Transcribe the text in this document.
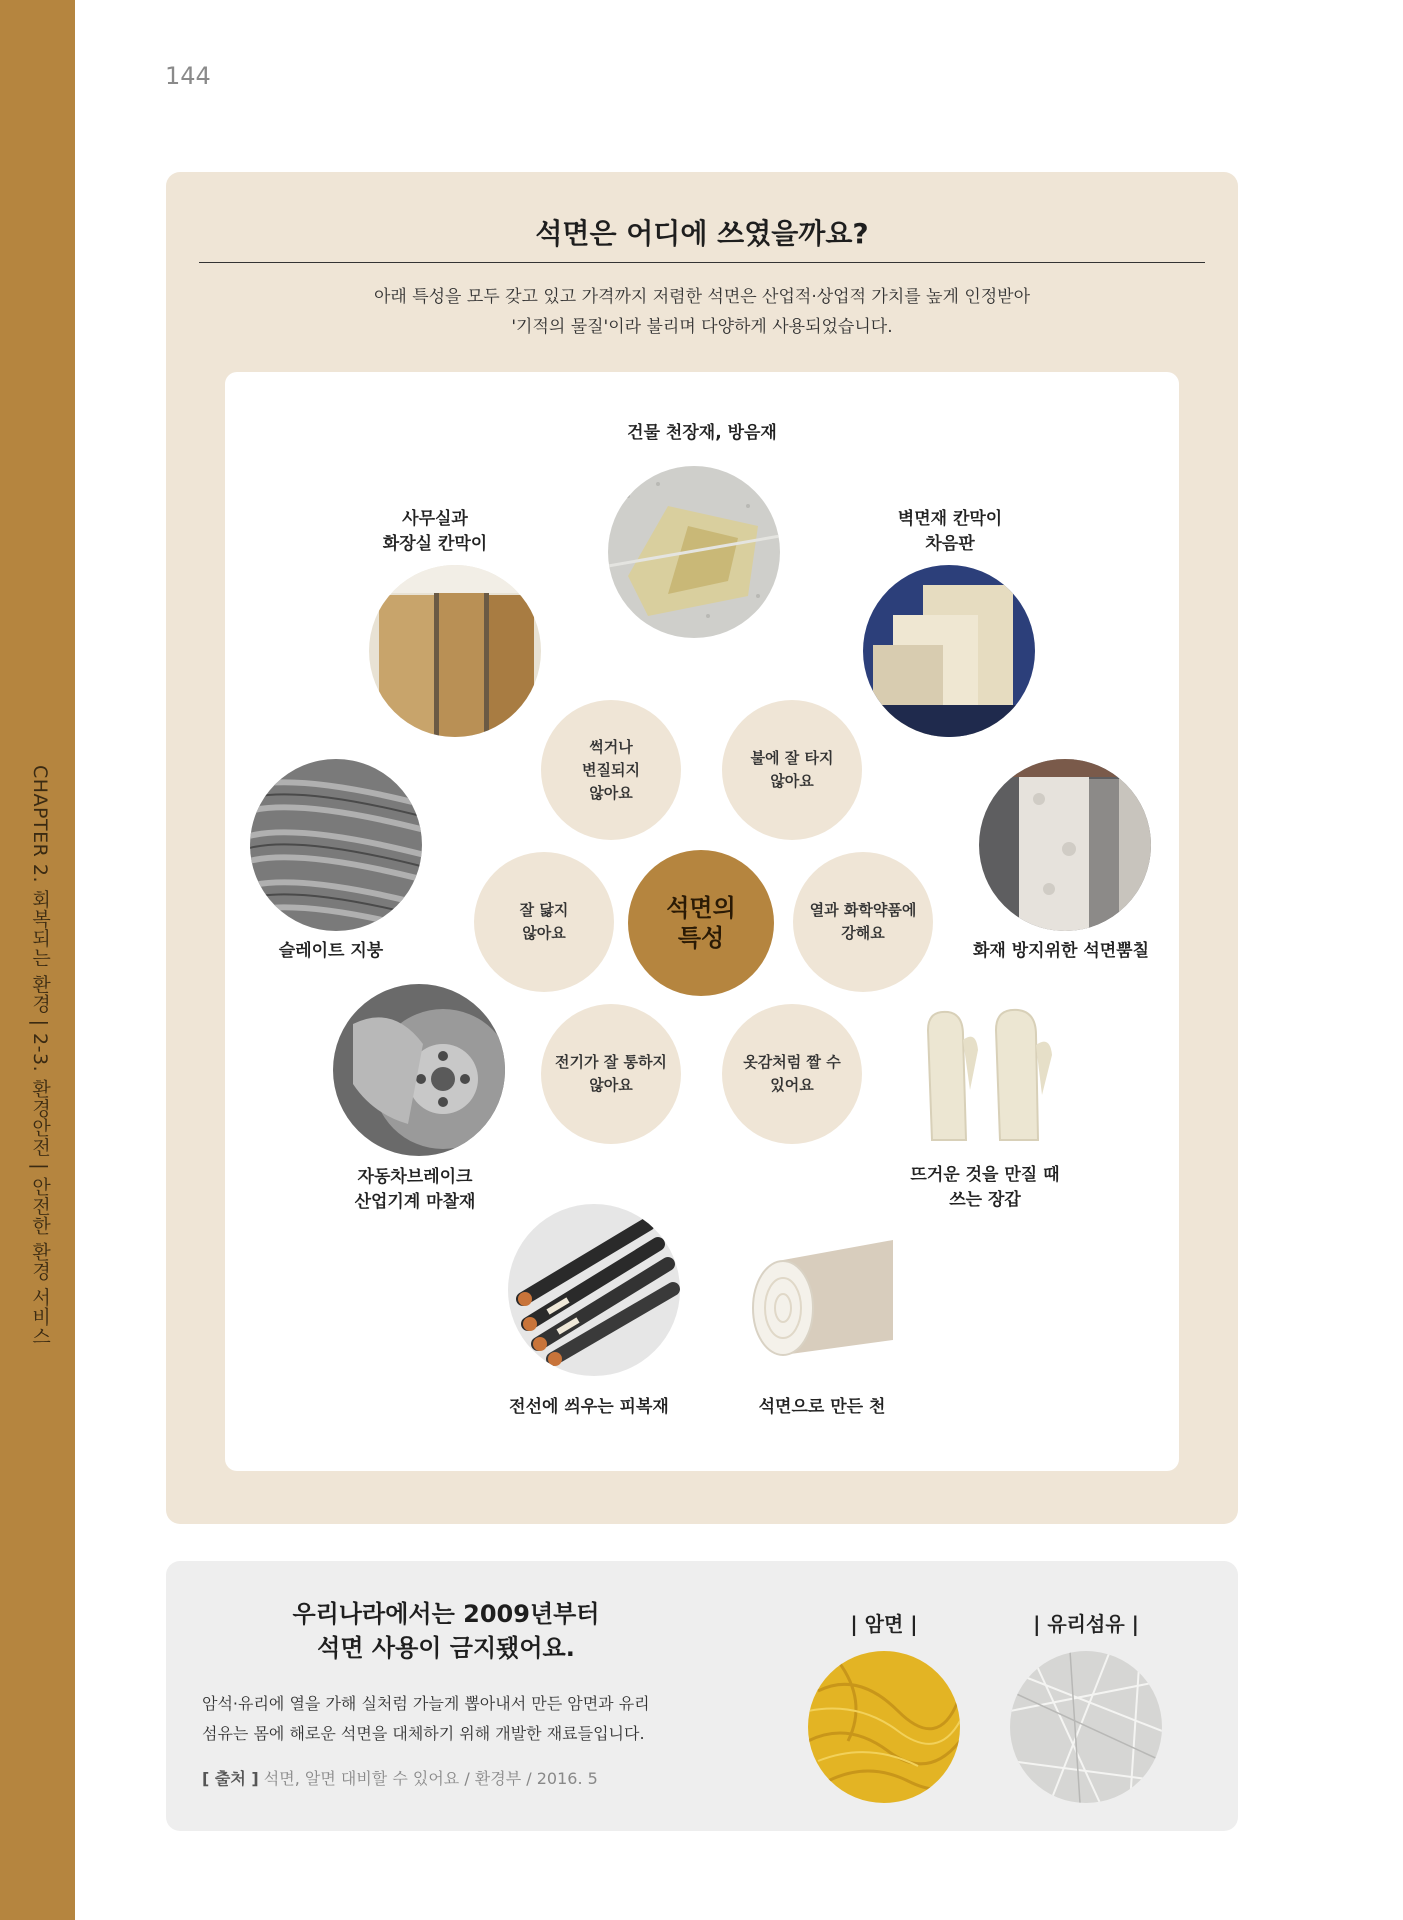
CHAPTER 2. 회복되는 환경 | 2-3. 환경안전 | 안전한 환경 서비스
144
석면은 어디에 쓰였을까요?
아래 특성을 모두 갖고 있고 가격까지 저렴한 석면은 산업적·상업적 가치를 높게 인정받아
'기적의 물질'이라 불리며 다양하게 사용되었습니다.
건물 천장재, 방음재
사무실과
화장실 칸막이
벽면재 칸막이
차음판
썩거나
변질되지
않아요
불에 잘 타지
않아요
잘 닳지
않아요
석면의
특성
열과 화학약품에
강해요
전기가 잘 통하지
않아요
옷감처럼 짤 수
있어요
슬레이트 지붕	화재 방지위한 석면뿜칠
자동차브레이크
산업기계 마찰재
뜨거운 것을 만질 때
쓰는 장갑
전선에 씌우는 피복재	석면으로 만든 천
우리나라에서는 2009년부터
석면 사용이 금지됐어요.
암석·유리에 열을 가해 실처럼 가늘게 뽑아내서 만든 암면과 유리
섬유는 몸에 해로운 석면을 대체하기 위해 개발한 재료들입니다.
[ 출처 ] 석면, 알면 대비할 수 있어요 / 환경부 / 2016. 5
| 암면 |	| 유리섬유 |
